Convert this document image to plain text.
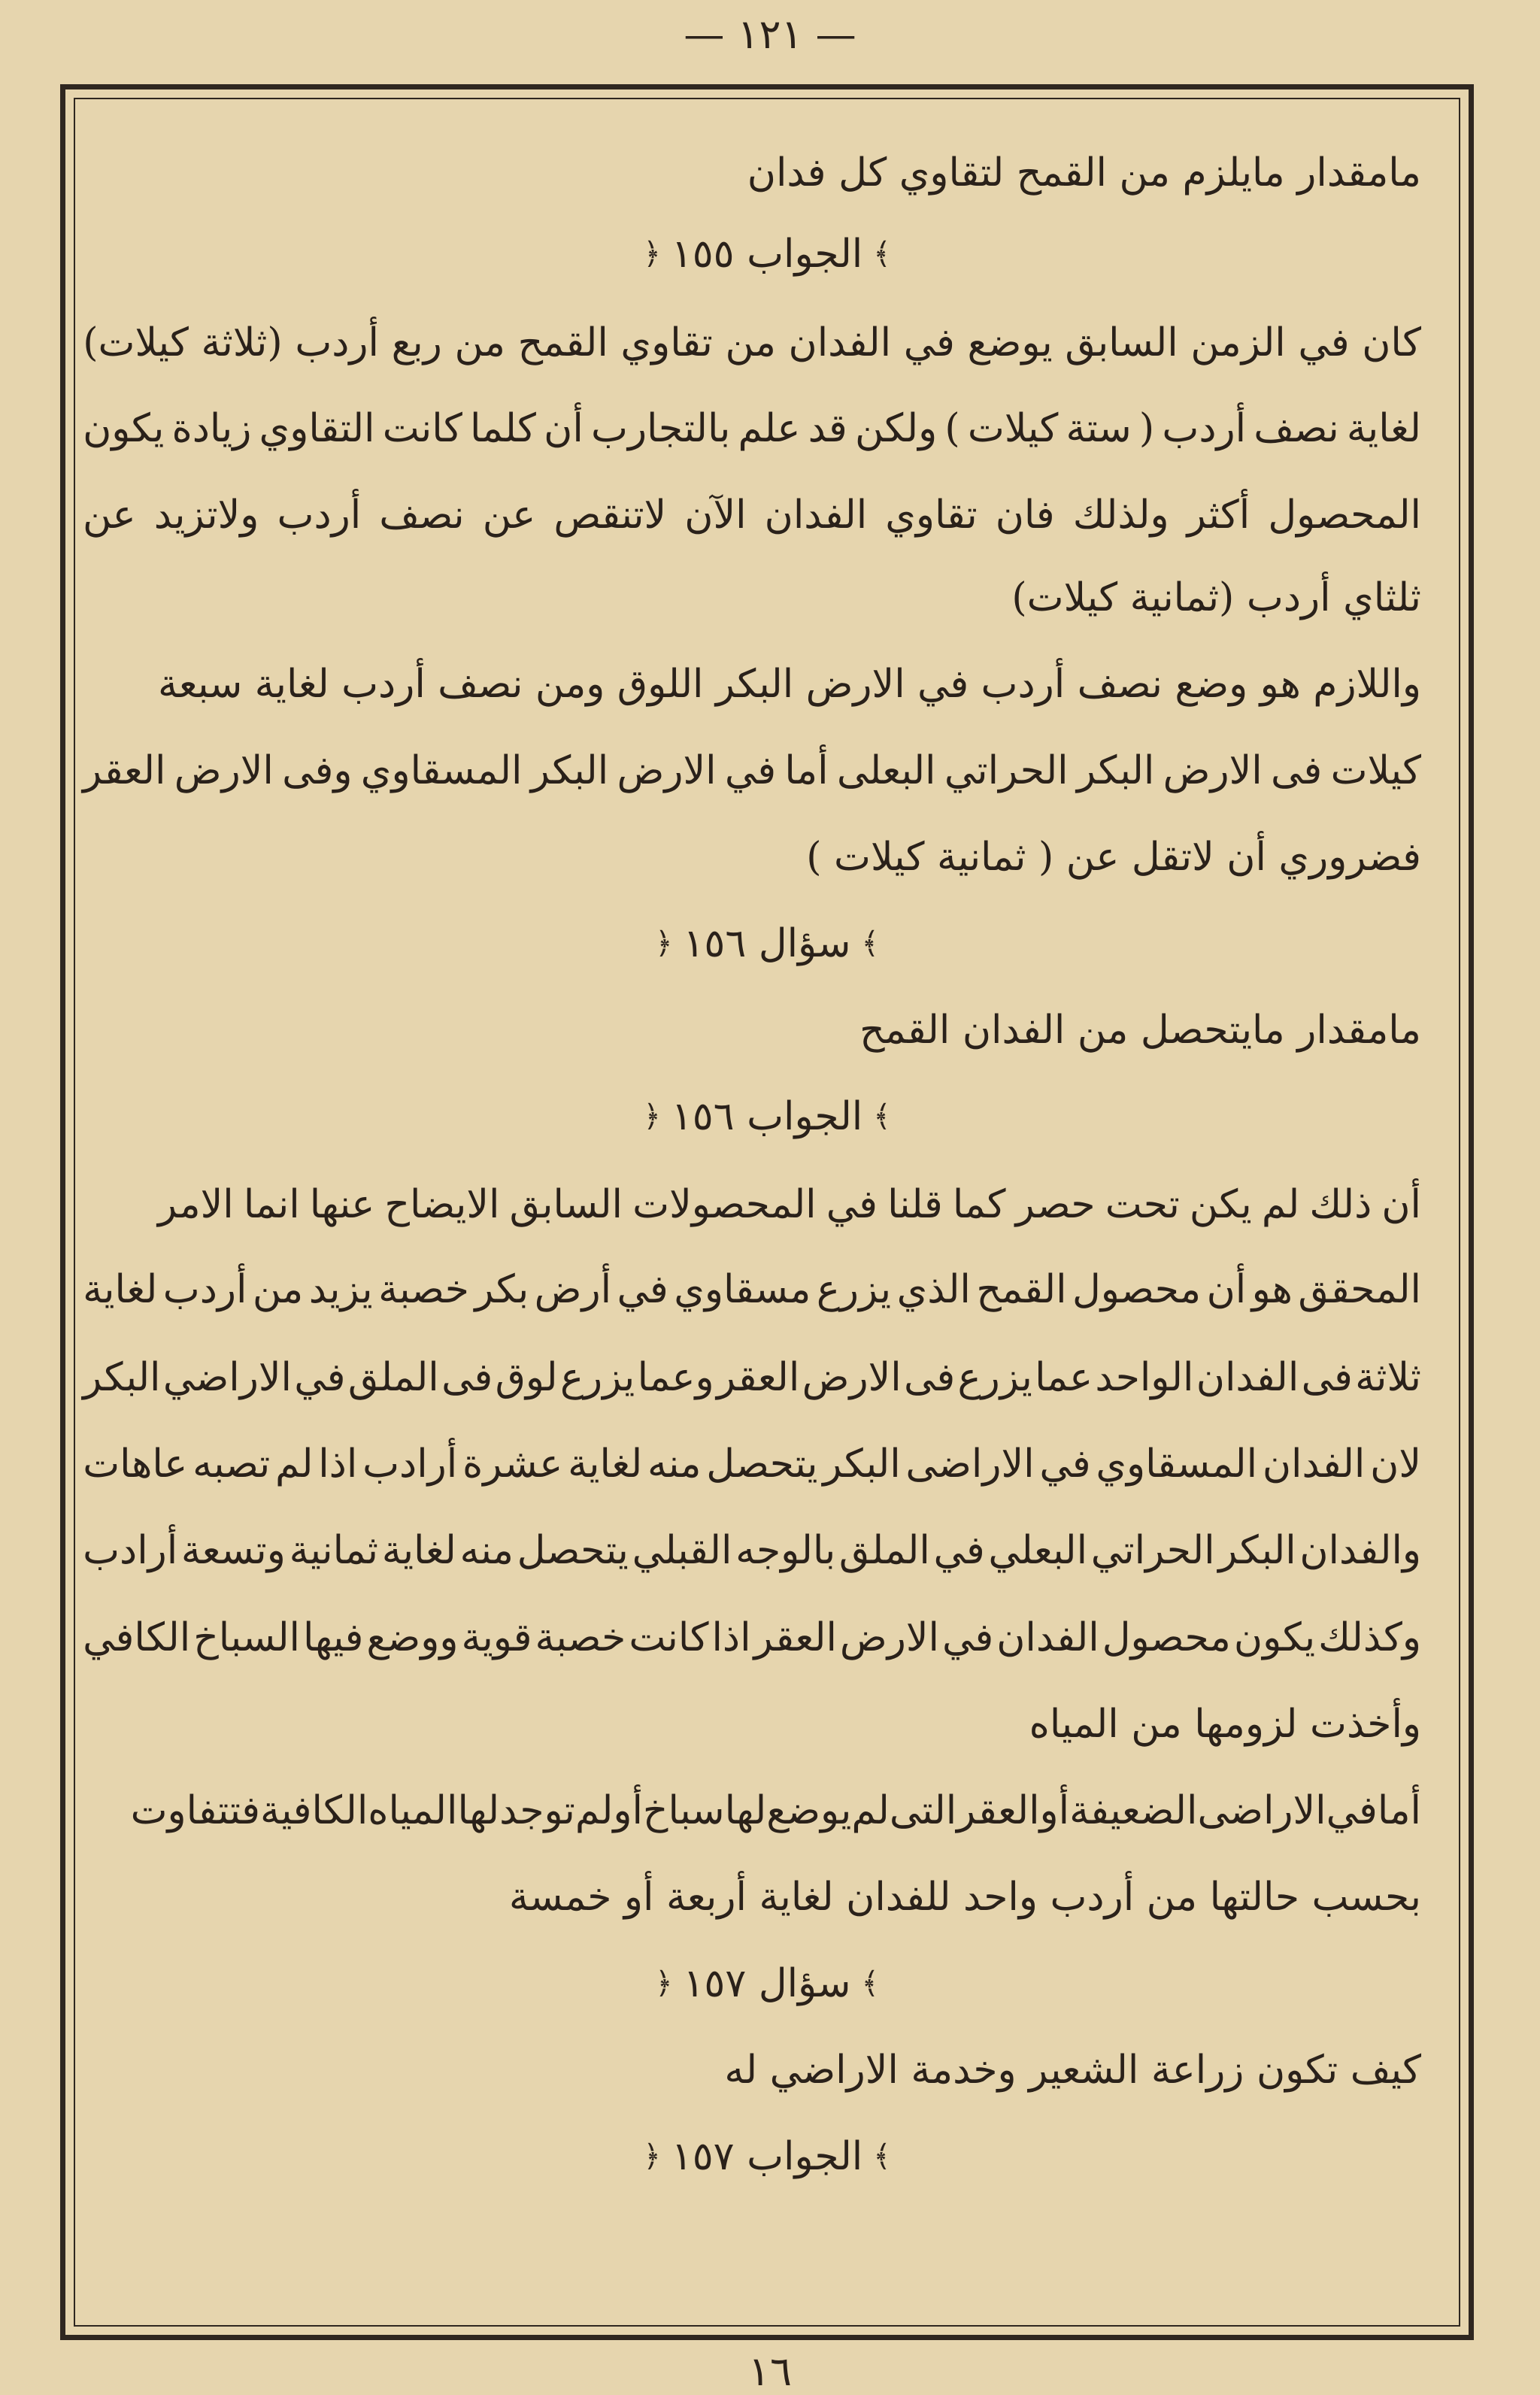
— ١٢١ —
مامقدار مايلزم من القمح لتقاوي كل فدان
﴾
الجواب ١٥٥
﴿
كان
في
الزمن
السابق
يوضع
في
الفدان
من
تقاوي
القمح
من
ربع
أردب
(ثلاثة
كيلات)
لغاية
نصف
أردب
(
ستة
كيلات
)
ولكن
قد
علم
بالتجارب
أن
كلما
كانت
التقاوي
زيادة
يكون
المحصول
أكثر
ولذلك
فان
تقاوي
الفدان
الآن
لاتنقص
عن
نصف
أردب
ولاتزيد
عن
ثلثاي أردب (ثمانية كيلات)
واللازم
هو
وضع
نصف
أردب
في
الارض
البكر
اللوق
ومن
نصف
أردب
لغاية
سبعة
كيلات
فى
الارض
البكر
الحراتي
البعلى
أما
في
الارض
البكر
المسقاوي
وفى
الارض
العقر
فضروري أن لاتقل عن ( ثمانية كيلات )
﴾
سؤال ١٥٦
﴿
مامقدار مايتحصل من الفدان القمح
﴾
الجواب ١٥٦
﴿
أن
ذلك
لم
يكن
تحت
حصر
كما
قلنا
في
المحصولات
السابق
الايضاح
عنها
انما
الامر
المحقق
هو
أن
محصول
القمح
الذي
يزرع
مسقاوي
في
أرض
بكر
خصبة
يزيد
من
أردب
لغاية
ثلاثة
فى
الفدان
الواحد
عما
يزرع
فى
الارض
العقر
وعما
يزرع
لوق
فى
الملق
في
الاراضي
البكر
لان
الفدان
المسقاوي
في
الاراضى
البكر
يتحصل
منه
لغاية
عشرة
أرادب
اذا
لم
تصبه
عاهات
والفدان
البكر
الحراتي
البعلي
في
الملق
بالوجه
القبلي
يتحصل
منه
لغاية
ثمانية
وتسعة
أرادب
وكذلك
يكون
محصول
الفدان
في
الارض
العقر
اذا
كانت
خصبة
قوية
ووضع
فيها
السباخ
الكافي
وأخذت لزومها من المياه
أما
في
الاراضى
الضعيفة
أو
العقر
التى
لم
يوضع
لها
سباخ
أو
لم
توجد
لها
المياه
الكافية
فتتفاوت
بحسب حالتها من أردب واحد للفدان لغاية أربعة أو خمسة
﴾
سؤال ١٥٧
﴿
كيف تكون زراعة الشعير وخدمة الاراضي له
﴾
الجواب ١٥٧
﴿
١٦
